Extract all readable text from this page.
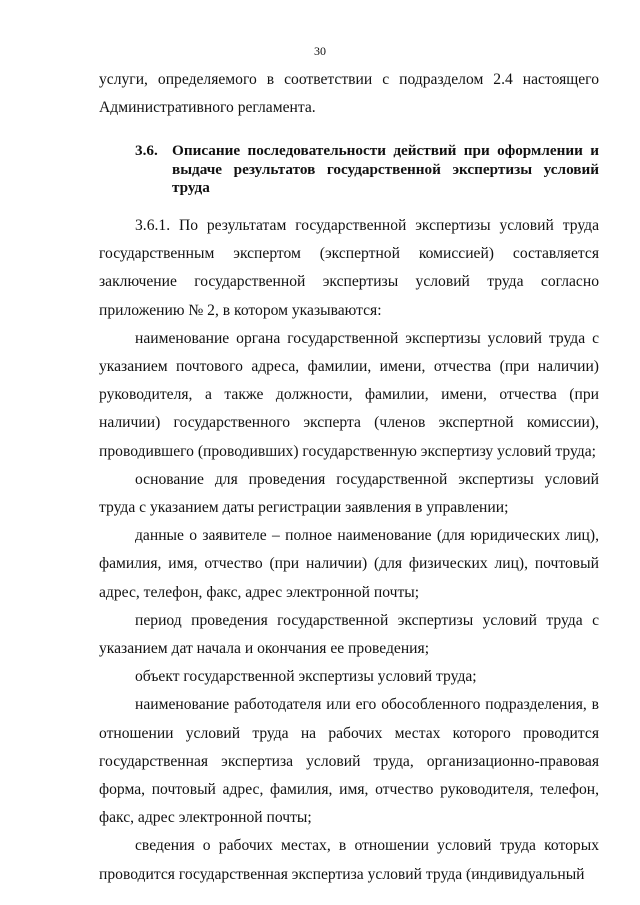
30

услуги, определяемого в соответствии с подразделом 2.4 настоящего Административного регламента.

3.6. Описание последовательности действий при оформлении и выдаче результатов государственной экспертизы условий труда

3.6.1. По результатам государственной экспертизы условий труда государственным экспертом (экспертной комиссией) составляется заключение государственной экспертизы условий труда согласно приложению № 2, в котором указываются:

наименование органа государственной экспертизы условий труда с указанием почтового адреса, фамилии, имени, отчества (при наличии) руководителя, а также должности, фамилии, имени, отчества (при наличии) государственного эксперта (членов экспертной комиссии), проводившего (проводивших) государственную экспертизу условий труда;

основание для проведения государственной экспертизы условий труда с указанием даты регистрации заявления в управлении;

данные о заявителе – полное наименование (для юридических лиц), фамилия, имя, отчество (при наличии) (для физических лиц), почтовый адрес, телефон, факс, адрес электронной почты;

период проведения государственной экспертизы условий труда с указанием дат начала и окончания ее проведения;

объект государственной экспертизы условий труда;

наименование работодателя или его обособленного подразделения, в отношении условий труда на рабочих местах которого проводится государственная экспертиза условий труда, организационно-правовая форма, почтовый адрес, фамилия, имя, отчество руководителя, телефон, факс, адрес электронной почты;

сведения о рабочих местах, в отношении условий труда которых проводится государственная экспертиза условий труда (индивидуальный
